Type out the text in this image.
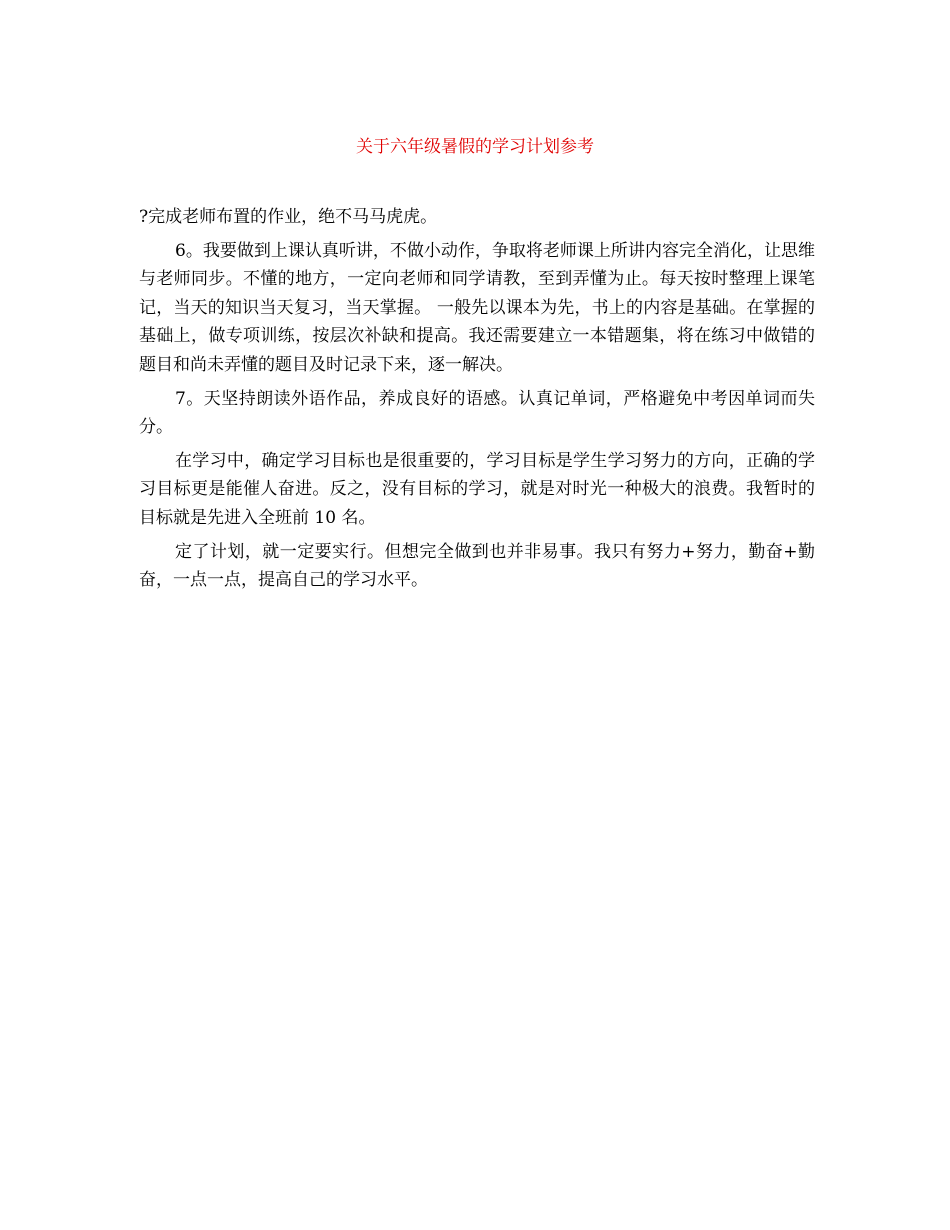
关于六年级暑假的学习计划参考

?完成老师布置的作业，绝不马马虎虎。

6。我要做到上课认真听讲，不做小动作，争取将老师课上所讲内容完全消化，让思维与老师同步。不懂的地方，一定向老师和同学请教，至到弄懂为止。每天按时整理上课笔记，当天的知识当天复习，当天掌握。 一般先以课本为先，书上的内容是基础。在掌握的基础上，做专项训练，按层次补缺和提高。我还需要建立一本错题集，将在练习中做错的题目和尚未弄懂的题目及时记录下来，逐一解决。

7。天坚持朗读外语作品，养成良好的语感。认真记单词，严格避免中考因单词而失分。

在学习中，确定学习目标也是很重要的，学习目标是学生学习努力的方向，正确的学习目标更是能催人奋进。反之，没有目标的学习，就是对时光一种极大的浪费。我暂时的目标就是先进入全班前 10 名。

定了计划，就一定要实行。但想完全做到也并非易事。我只有努力+努力，勤奋+勤奋，一点一点，提高自己的学习水平。
